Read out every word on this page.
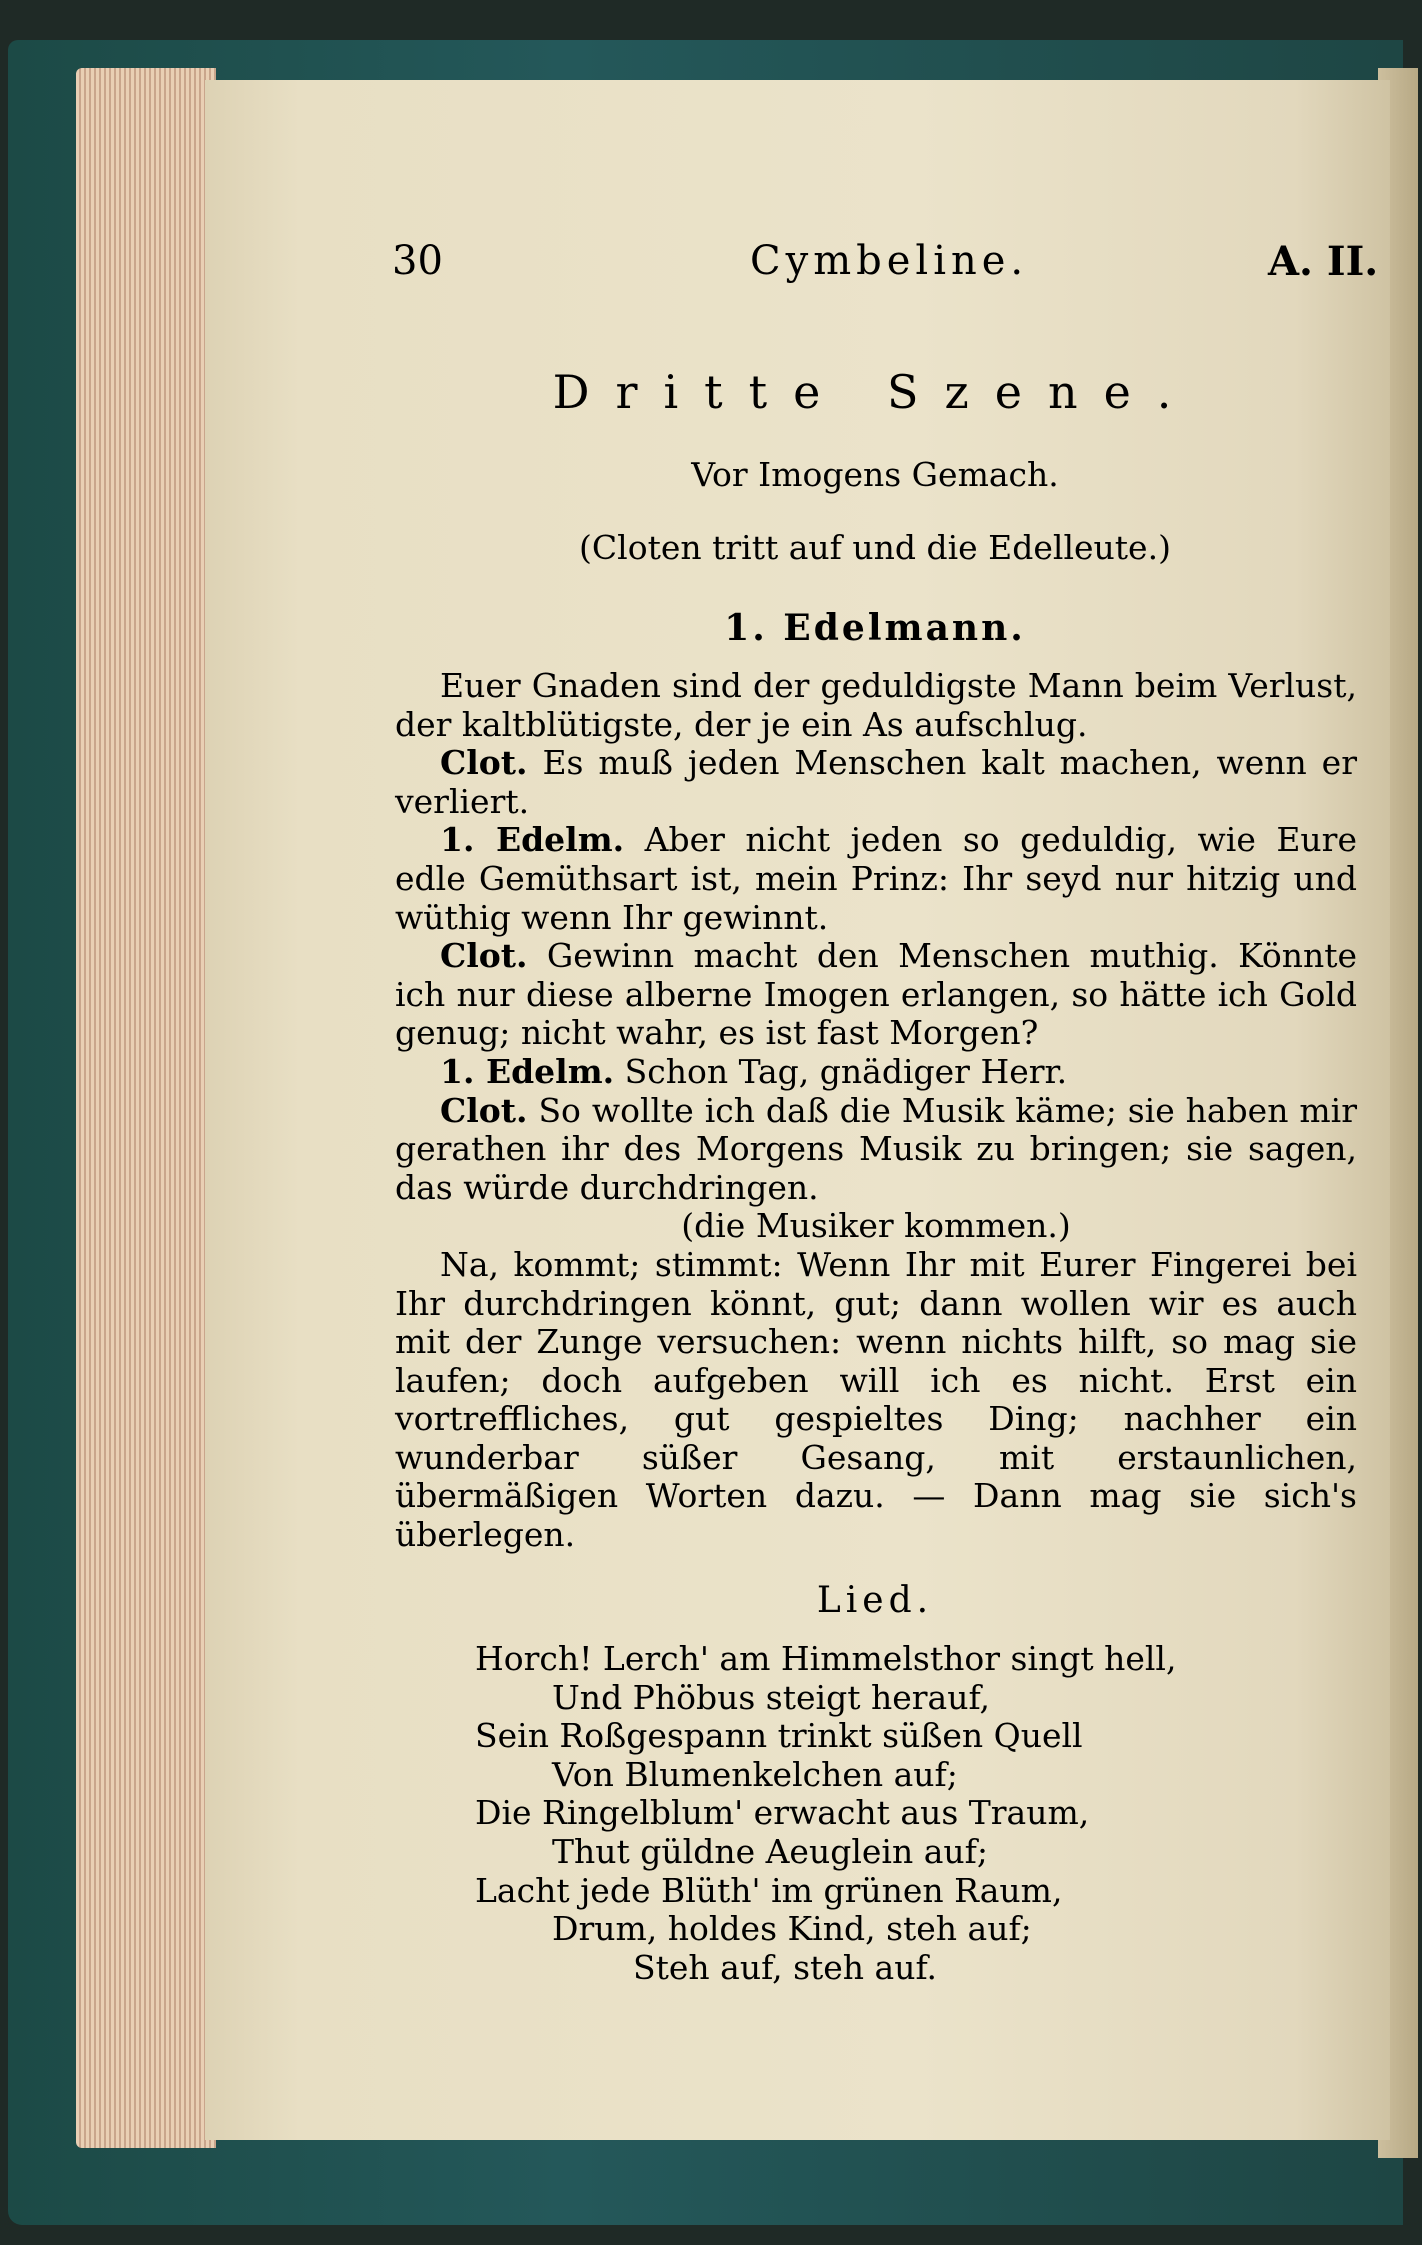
30	Cymbeline.	A. II.
Dritte Szene.
Vor Imogens Gemach.
(Cloten tritt auf und die Edelleute.)
1. Edelmann.

Euer Gnaden sind der geduldigste Mann beim Verlust, der kaltblütigste, der je ein As aufschlug.

Clot. Es muß jeden Menschen kalt machen, wenn er verliert.

1. Edelm. Aber nicht jeden so geduldig, wie Eure edle Gemüthsart ist, mein Prinz: Ihr seyd nur hitzig und wüthig wenn Ihr gewinnt.

Clot. Gewinn macht den Menschen muthig. Könnte ich nur diese alberne Imogen erlangen, so hätte ich Gold genug; nicht wahr, es ist fast Morgen?

1. Edelm. Schon Tag, gnädiger Herr.

Clot. So wollte ich daß die Musik käme; sie haben mir gerathen ihr des Morgens Musik zu bringen; sie sagen, das würde durchdringen.

(die Musiker kommen.)

Na, kommt; stimmt: Wenn Ihr mit Eurer Fingerei bei Ihr durchdringen könnt, gut; dann wollen wir es auch mit der Zunge versuchen: wenn nichts hilft, so mag sie laufen; doch aufgeben will ich es nicht. Erst ein vortreffliches, gut gespieltes Ding; nachher ein wunderbar süßer Gesang, mit erstaunlichen, übermäßigen Worten dazu. — Dann mag sie sich's überlegen.

Lied.
Horch! Lerch' am Himmelsthor singt hell,
Und Phöbus steigt herauf,
Sein Roßgespann trinkt süßen Quell
Von Blumenkelchen auf;
Die Ringelblum' erwacht aus Traum,
Thut güldne Aeuglein auf;
Lacht jede Blüth' im grünen Raum,
Drum, holdes Kind, steh auf;
Steh auf, steh auf.
